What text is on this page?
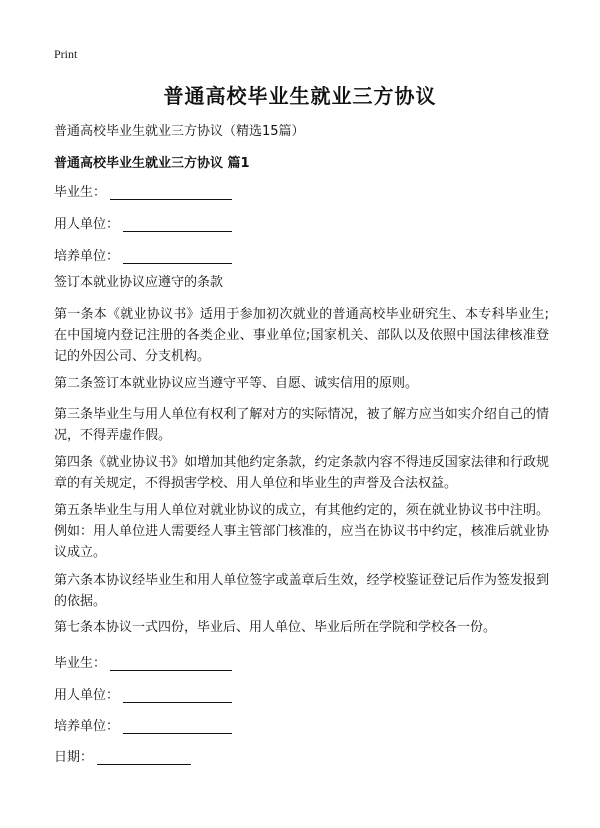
Print
普通高校毕业生就业三方协议
普通高校毕业生就业三方协议（精选15篇）
普通高校毕业生就业三方协议 篇1
毕业生：
用人单位：
培养单位：

签订本就业协议应遵守的条款

第一条本《就业协议书》适用于参加初次就业的普通高校毕业研究生、本专科毕业生;在中国境内登记注册的各类企业、事业单位;国家机关、部队以及依照中国法律核准登记的外因公司、分支机构。

第二条签订本就业协议应当遵守平等、自愿、诚实信用的原则。

第三条毕业生与用人单位有权利了解对方的实际情况，被了解方应当如实介绍自己的情况，不得弄虚作假。

第四条《就业协议书》如增加其他约定条款，约定条款内容不得违反国家法律和行政规章的有关规定，不得损害学校、用人单位和毕业生的声誉及合法权益。

第五条毕业生与用人单位对就业协议的成立，有其他约定的，须在就业协议书中注明。例如：用人单位进人需要经人事主管部门核准的，应当在协议书中约定，核准后就业协议成立。

第六条本协议经毕业生和用人单位签字或盖章后生效，经学校鉴证登记后作为签发报到的依据。

第七条本协议一式四份，毕业后、用人单位、毕业后所在学院和学校各一份。

毕业生：
用人单位：
培养单位：
日期：
